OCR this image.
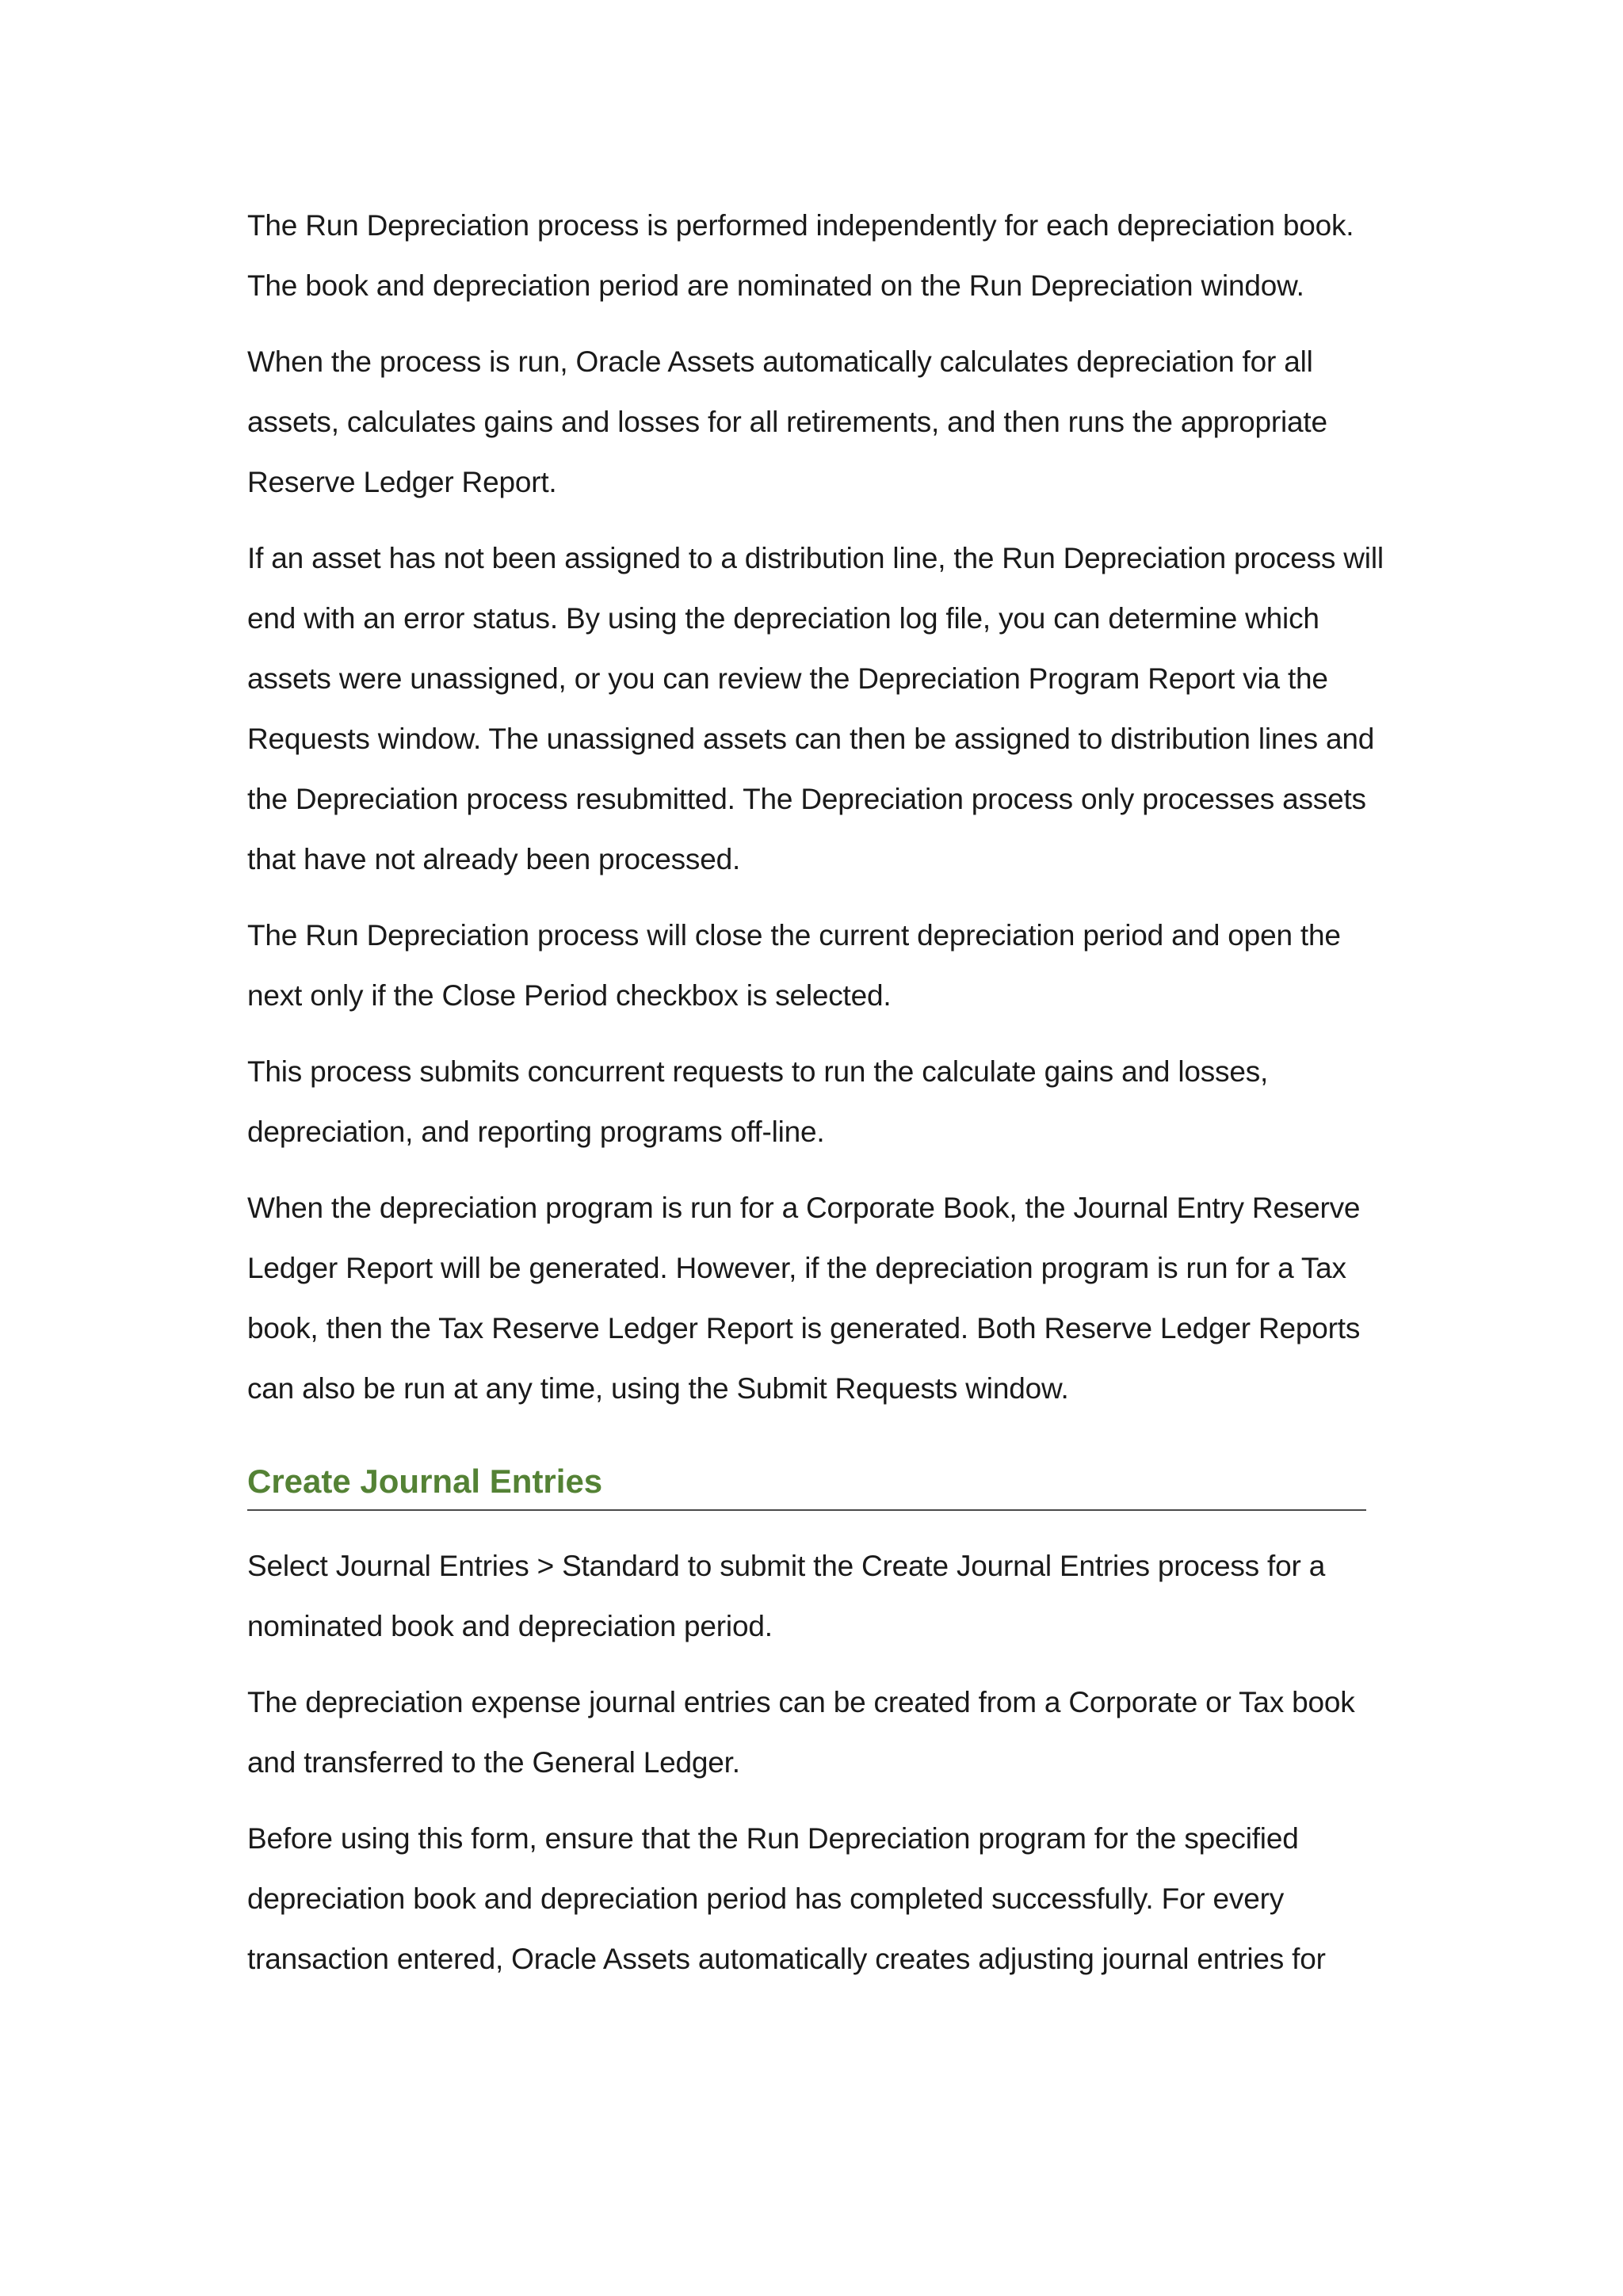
The Run Depreciation process is performed independently for each depreciation book. The book and depreciation period are nominated on the Run Depreciation window.

When the process is run, Oracle Assets automatically calculates depreciation for all assets, calculates gains and losses for all retirements, and then runs the appropriate Reserve Ledger Report.

If an asset has not been assigned to a distribution line, the Run Depreciation process will end with an error status. By using the depreciation log file, you can determine which assets were unassigned, or you can review the Depreciation Program Report via the Requests window. The unassigned assets can then be assigned to distribution lines and the Depreciation process resubmitted. The Depreciation process only processes assets that have not already been processed.

The Run Depreciation process will close the current depreciation period and open the next only if the Close Period checkbox is selected.

This process submits concurrent requests to run the calculate gains and losses, depreciation, and reporting programs off-line.

When the depreciation program is run for a Corporate Book, the Journal Entry Reserve Ledger Report will be generated. However, if the depreciation program is run for a Tax book, then the Tax Reserve Ledger Report is generated. Both Reserve Ledger Reports can also be run at any time, using the Submit Requests window.

Create Journal Entries

Select Journal Entries > Standard to submit the Create Journal Entries process for a nominated book and depreciation period.

The depreciation expense journal entries can be created from a Corporate or Tax book and transferred to the General Ledger.

Before using this form, ensure that the Run Depreciation program for the specified depreciation book and depreciation period has completed successfully. For every transaction entered, Oracle Assets automatically creates adjusting journal entries for
